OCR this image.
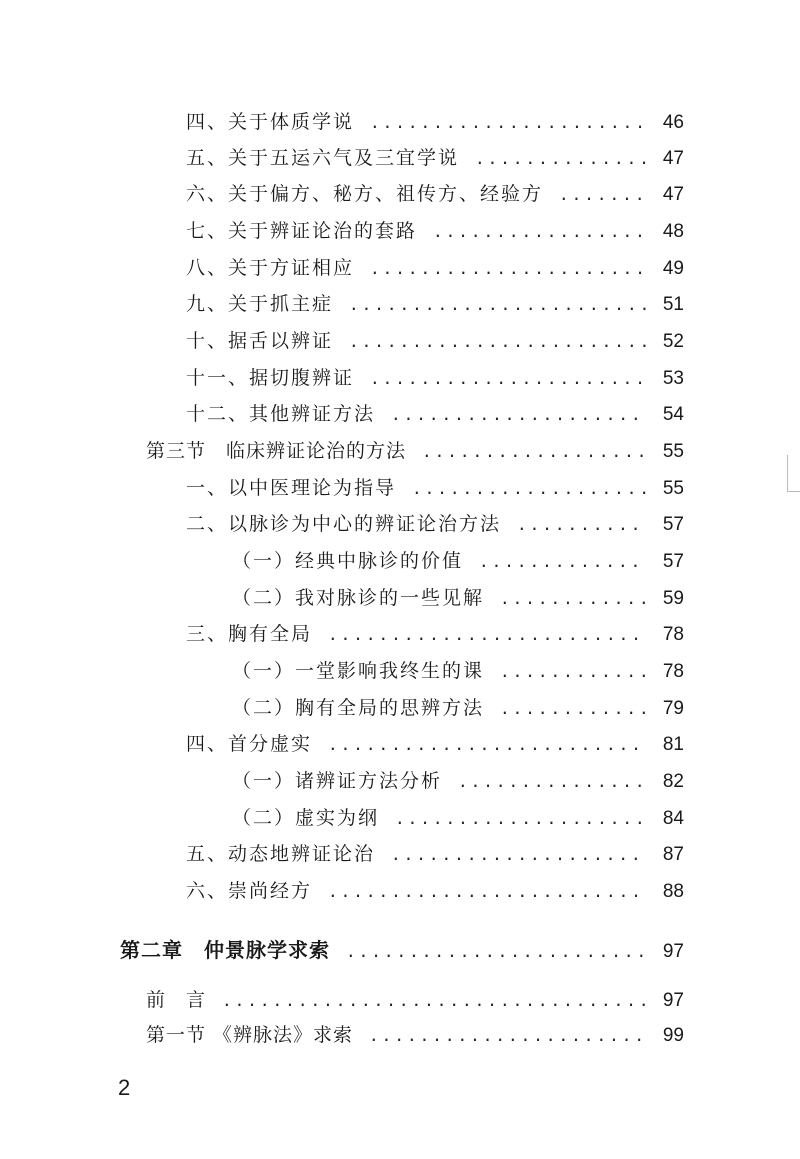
四、关于体质学说 .....	46
五、关于五运六气及三宜学说 .....	47
六、关于偏方、秘方、祖传方、经验方 .....	47
七、关于辨证论治的套路 .....	48
八、关于方证相应 .....	49
九、关于抓主症 .....	51
十、据舌以辨证 .....	52
十一、据切腹辨证 .....	53
十二、其他辨证方法 .....	54
第三节　临床辨证论治的方法 .....	55
一、以中医理论为指导 .....	55
二、以脉诊为中心的辨证论治方法 .....	57
（一）经典中脉诊的价值 .....	57
（二）我对脉诊的一些见解 .....	59
三、胸有全局 .....	78
（一）一堂影响我终生的课 .....	78
（二）胸有全局的思辨方法 .....	79
四、首分虚实 .....	81
（一）诸辨证方法分析 .....	82
（二）虚实为纲 .....	84
五、动态地辨证论治 .....	87
六、崇尚经方 .....	88
第二章　仲景脉学求索 .....	97
前　言 .....	97
第一节 《辨脉法》求索 .....	99
2
